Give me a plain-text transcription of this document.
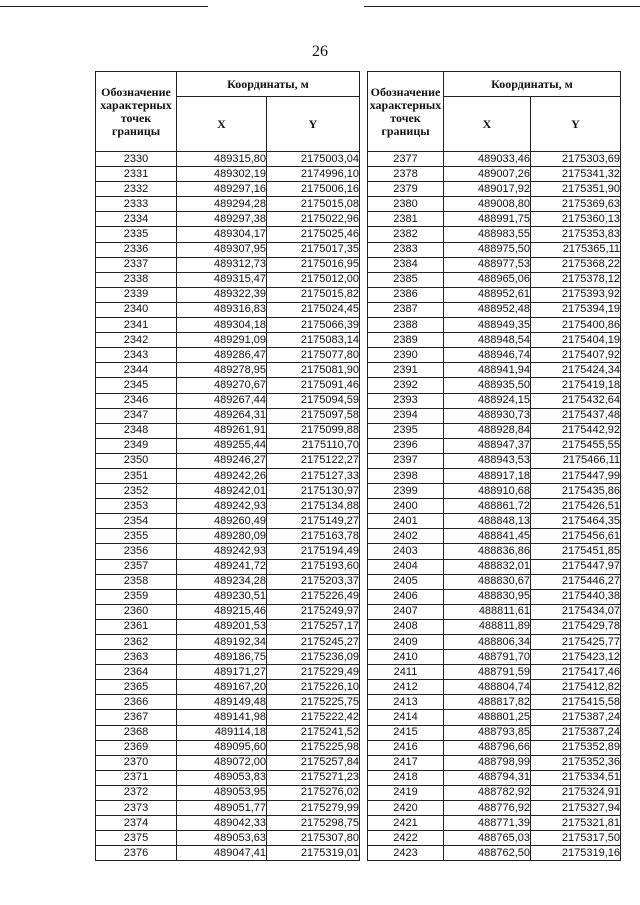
26
Обозначение характерных точек границы	Координаты, м	
	X	Y
2330	489315,80	2175003,04
2331	489302,19	2174996,10
2332	489297,16	2175006,16
2333	489294,28	2175015,08
2334	489297,38	2175022,96
2335	489304,17	2175025,46
2336	489307,95	2175017,35
2337	489312,73	2175016,95
2338	489315,47	2175012,00
2339	489322,39	2175015,82
2340	489316,83	2175024,45
2341	489304,18	2175066,39
2342	489291,09	2175083,14
2343	489286,47	2175077,80
2344	489278,95	2175081,90
2345	489270,67	2175091,46
2346	489267,44	2175094,59
2347	489264,31	2175097,58
2348	489261,91	2175099,88
2349	489255,44	2175110,70
2350	489246,27	2175122,27
2351	489242,26	2175127,33
2352	489242,01	2175130,97
2353	489242,93	2175134,88
2354	489260,49	2175149,27
2355	489280,09	2175163,78
2356	489242,93	2175194,49
2357	489241,72	2175193,60
2358	489234,28	2175203,37
2359	489230,51	2175226,49
2360	489215,46	2175249,97
2361	489201,53	2175257,17
2362	489192,34	2175245,27
2363	489186,75	2175236,09
2364	489171,27	2175229,49
2365	489167,20	2175226,10
2366	489149,48	2175225,75
2367	489141,98	2175222,42
2368	489114,18	2175241,52
2369	489095,60	2175225,98
2370	489072,00	2175257,84
2371	489053,83	2175271,23
2372	489053,95	2175276,02
2373	489051,77	2175279,99
2374	489042,33	2175298,75
2375	489053,63	2175307,80
2376	489047,41	2175319,01
Обозначение характерных точек границы	Координаты, м	
	X	Y
2377	489033,46	2175303,69
2378	489007,26	2175341,32
2379	489017,92	2175351,90
2380	489008,80	2175369,63
2381	488991,75	2175360,13
2382	488983,55	2175353,83
2383	488975,50	2175365,11
2384	488977,53	2175368,22
2385	488965,06	2175378,12
2386	488952,61	2175393,92
2387	488952,48	2175394,19
2388	488949,35	2175400,86
2389	488948,54	2175404,19
2390	488946,74	2175407,92
2391	488941,94	2175424,34
2392	488935,50	2175419,18
2393	488924,15	2175432,64
2394	488930,73	2175437,48
2395	488928,84	2175442,92
2396	488947,37	2175455,55
2397	488943,53	2175466,11
2398	488917,18	2175447,99
2399	488910,68	2175435,86
2400	488861,72	2175426,51
2401	488848,13	2175464,35
2402	488841,45	2175456,61
2403	488836,86	2175451,85
2404	488832,01	2175447,97
2405	488830,67	2175446,27
2406	488830,95	2175440,38
2407	488811,61	2175434,07
2408	488811,89	2175429,78
2409	488806,34	2175425,77
2410	488791,70	2175423,12
2411	488791,59	2175417,46
2412	488804,74	2175412,82
2413	488817,82	2175415,58
2414	488801,25	2175387,24
2415	488793,85	2175387,24
2416	488796,66	2175352,89
2417	488798,99	2175352,36
2418	488794,31	2175334,51
2419	488782,92	2175324,91
2420	488776,92	2175327,94
2421	488771,39	2175321,81
2422	488765,03	2175317,50
2423	488762,50	2175319,16
